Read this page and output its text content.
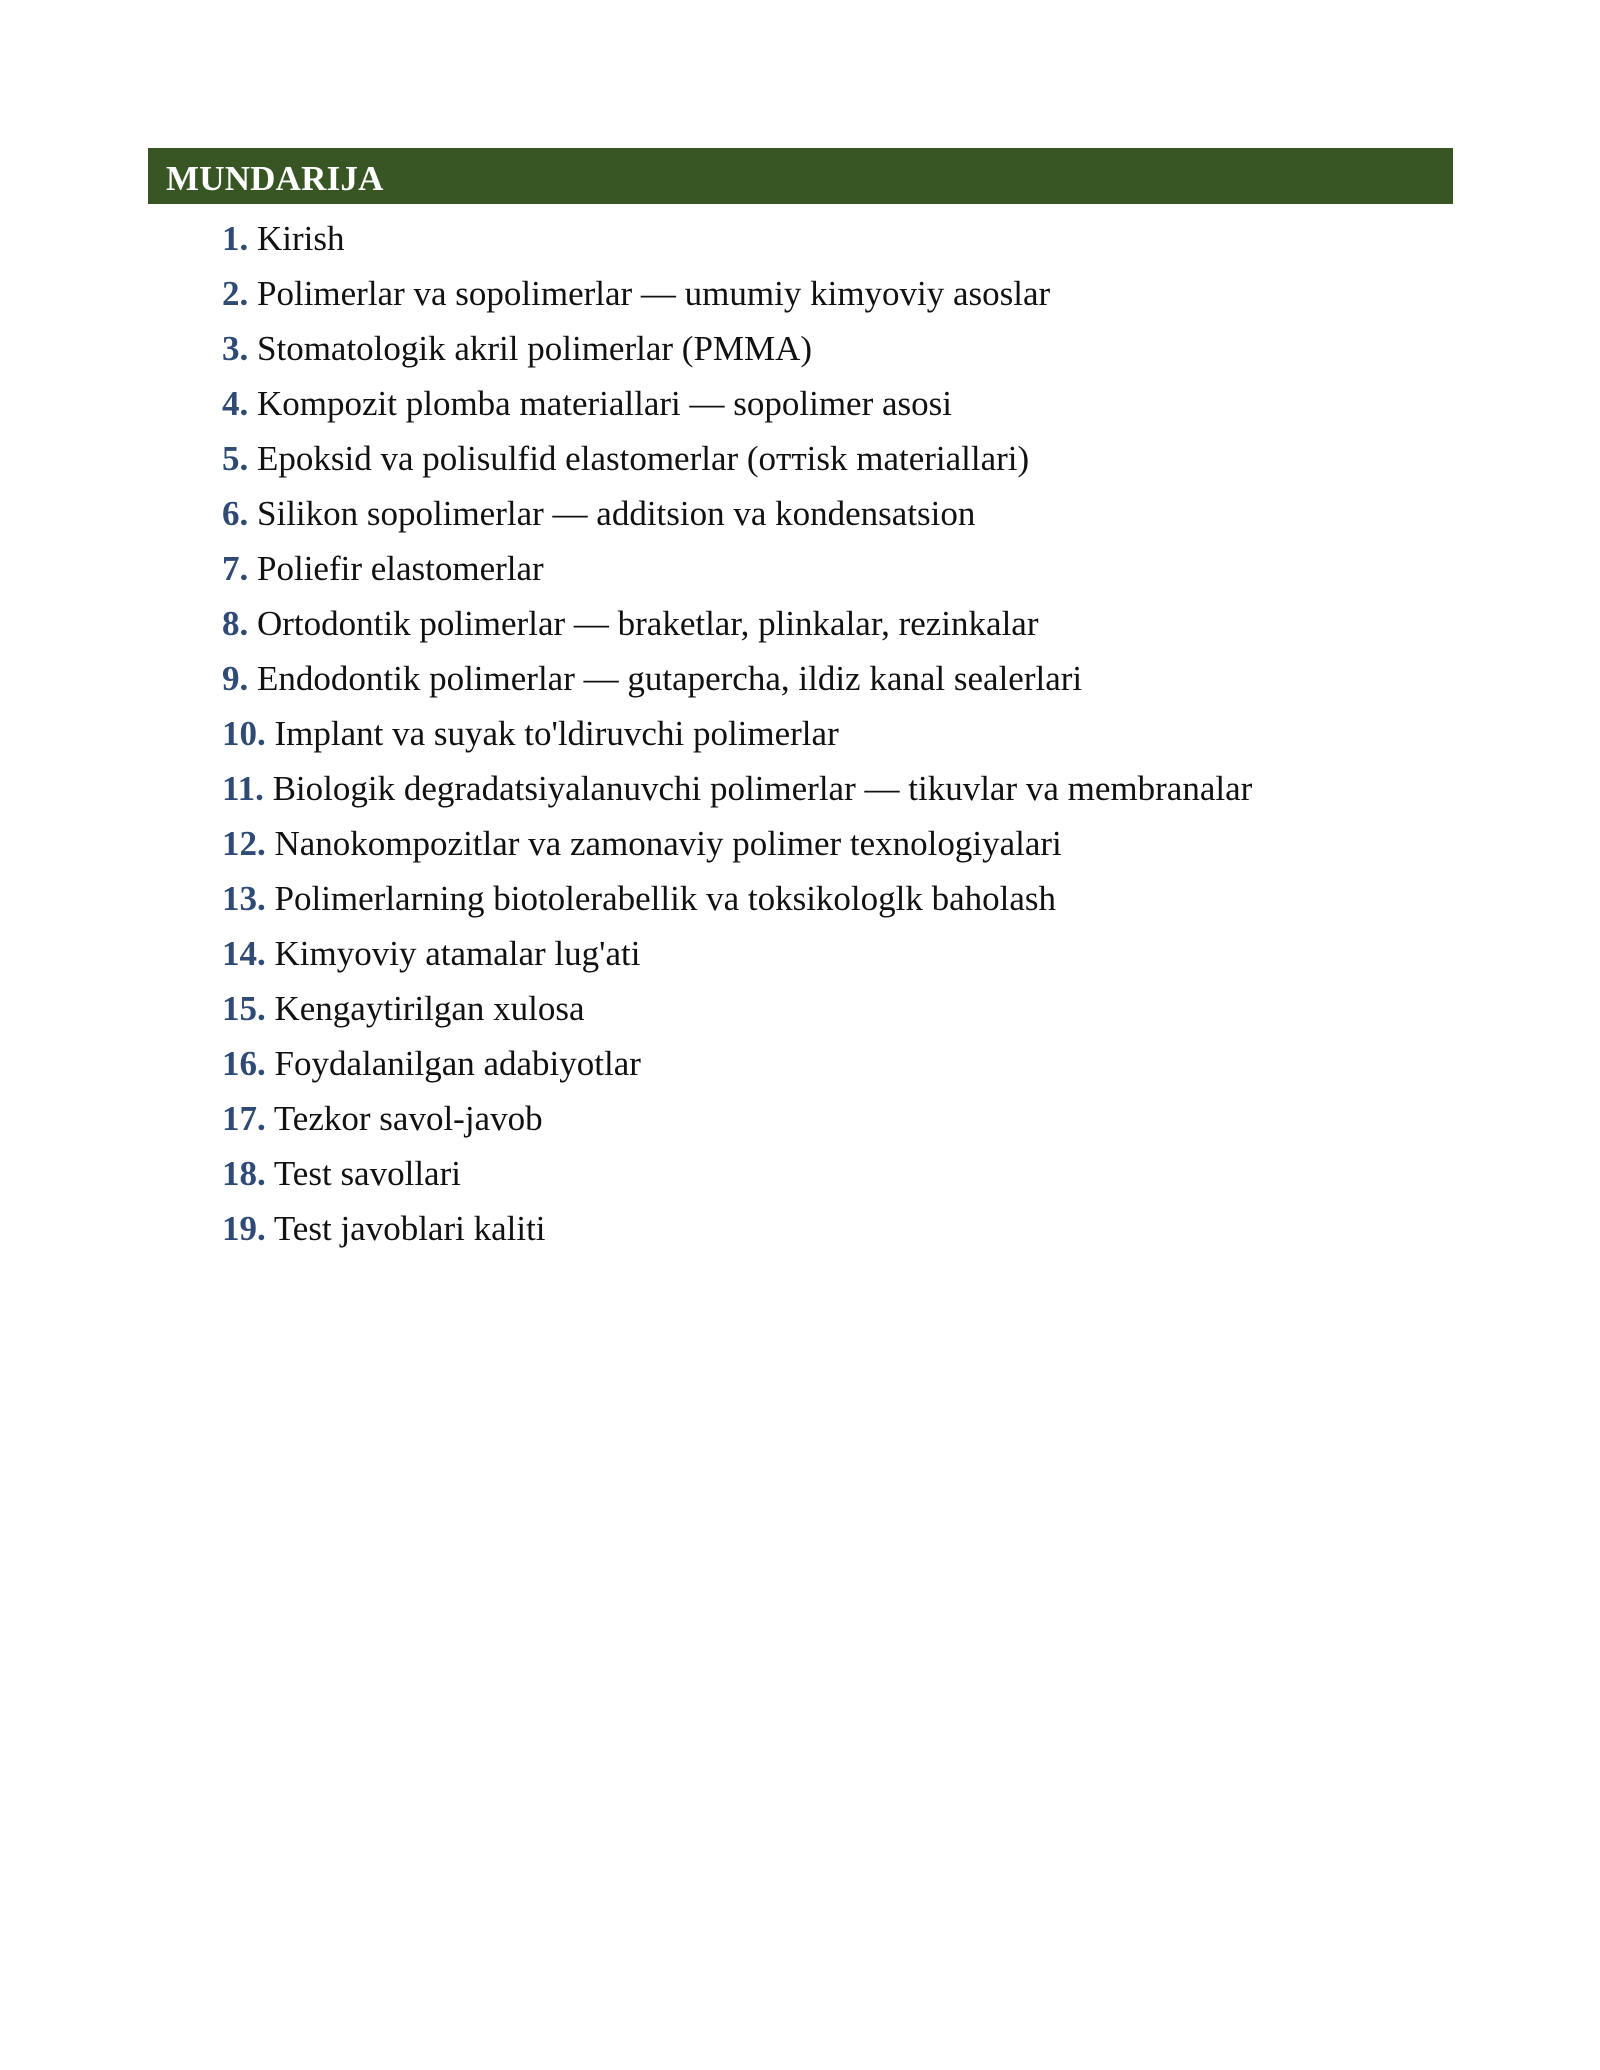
MUNDARIJA
1. Kirish
2. Polimerlar va sopolimerlar — umumiy kimyoviy asoslar
3. Stomatologik akril polimerlar (PMMA)
4. Kompozit plomba materiallari — sopolimer asosi
5. Epoksid va polisulfid elastomerlar (oттisk materiallari)
6. Silikon sopolimerlar — additsion va kondensatsion
7. Poliefir elastomerlar
8. Ortodontik polimerlar — braketlar, plinkalar, rezinkalar
9. Endodontik polimerlar — gutapercha, ildiz kanal sealerlari
10. Implant va suyak to'ldiruvchi polimerlar
11. Biologik degradatsiyalanuvchi polimerlar — tikuvlar va membranalar
12. Nanokompozitlar va zamonaviy polimer texnologiyalari
13. Polimerlarning biotolerabellik va toksikologlk baholash
14. Kimyoviy atamalar lug'ati
15. Kengaytirilgan xulosa
16. Foydalanilgan adabiyotlar
17. Tezkor savol-javob
18. Test savollari
19. Test javoblari kaliti
